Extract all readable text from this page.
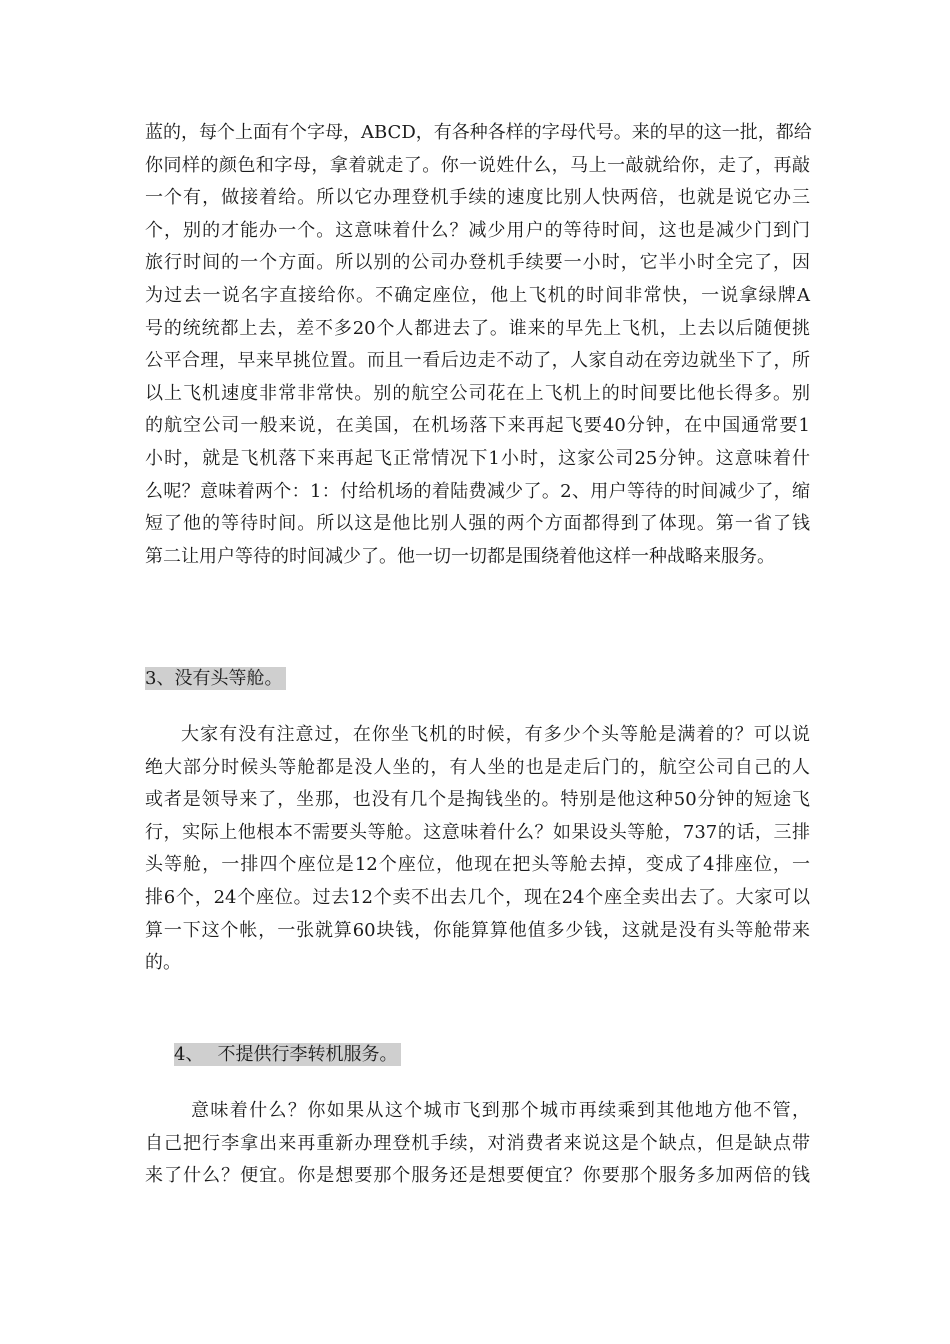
蓝的，每个上面有个字母，ABCD，有各种各样的字母代号。来的早的这一批，都给
你同样的颜色和字母，拿着就走了。你一说姓什么，马上一敲就给你，走了，再敲
一个有，做接着给。所以它办理登机手续的速度比别人快两倍，也就是说它办三
个，别的才能办一个。这意味着什么？减少用户的等待时间，这也是减少门到门
旅行时间的一个方面。所以别的公司办登机手续要一小时，它半小时全完了，因
为过去一说名字直接给你。不确定座位，他上飞机的时间非常快，一说拿绿牌A
号的统统都上去，差不多20个人都进去了。谁来的早先上飞机，上去以后随便挑
公平合理，早来早挑位置。而且一看后边走不动了，人家自动在旁边就坐下了，所
以上飞机速度非常非常快。别的航空公司花在上飞机上的时间要比他长得多。别
的航空公司一般来说，在美国，在机场落下来再起飞要40分钟，在中国通常要1
小时，就是飞机落下来再起飞正常情况下1小时，这家公司25分钟。这意味着什
么呢？意味着两个：1：付给机场的着陆费减少了。2、用户等待的时间减少了，缩
短了他的等待时间。所以这是他比别人强的两个方面都得到了体现。第一省了钱
第二让用户等待的时间减少了。他一切一切都是围绕着他这样一种战略来服务。
3、没有头等舱。
大家有没有注意过，在你坐飞机的时候，有多少个头等舱是满着的？可以说
绝大部分时候头等舱都是没人坐的，有人坐的也是走后门的，航空公司自己的人
或者是领导来了，坐那，也没有几个是掏钱坐的。特别是他这种50分钟的短途飞
行，实际上他根本不需要头等舱。这意味着什么？如果设头等舱，737的话，三排
头等舱，一排四个座位是12个座位，他现在把头等舱去掉，变成了4排座位，一
排6个，24个座位。过去12个卖不出去几个，现在24个座全卖出去了。大家可以
算一下这个帐，一张就算60块钱，你能算算他值多少钱，这就是没有头等舱带来
的。
4、 不提供行李转机服务。
意味着什么？你如果从这个城市飞到那个城市再续乘到其他地方他不管，
自己把行李拿出来再重新办理登机手续，对消费者来说这是个缺点，但是缺点带
来了什么？便宜。你是想要那个服务还是想要便宜？你要那个服务多加两倍的钱
